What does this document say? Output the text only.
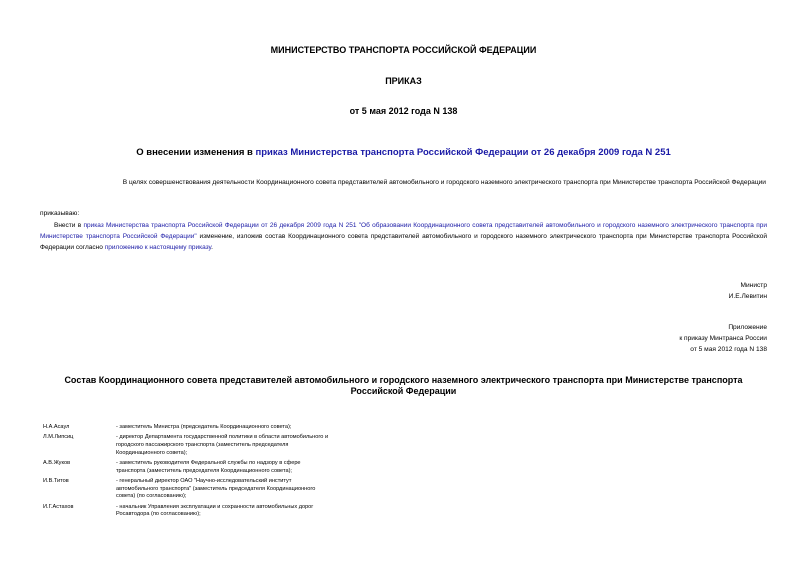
МИНИСТЕРСТВО ТРАНСПОРТА РОССИЙСКОЙ ФЕДЕРАЦИИ
ПРИКАЗ
от 5 мая 2012 года N 138
О внесении изменения в приказ Министерства транспорта Российской Федерации от 26 декабря 2009 года N 251
В целях совершенствования деятельности Координационного совета представителей автомобильного и городского наземного электрического транспорта при Министерстве транспорта Российской Федерации
приказываю:
Внести в приказ Министерства транспорта Российской Федерации от 26 декабря 2009 года N 251 "Об образовании Координационного совета представителей автомобильного и городского наземного электрического транспорта при Министерстве транспорта Российской Федерации" изменение, изложив состав Координационного совета представителей автомобильного и городского наземного электрического транспорта при Министерстве транспорта Российской Федерации согласно приложению к настоящему приказу.
Министр
И.Е.Левитин
Приложение
к приказу Минтранса России
от 5 мая 2012 года N 138
Состав Координационного совета представителей автомобильного и городского наземного электрического транспорта при Министерстве транспорта Российской Федерации
Н.А.Асаул	- заместитель Министра (председатель Координационного совета);
Л.М.Липсиц	- директор Департамента государственной политики в области автомобильного и городского пассажирского транспорта (заместитель председателя Координационного совета);
А.В.Жуков	- заместитель руководителя Федеральной службы по надзору в сфере транспорта (заместитель председателя Координационного совета);
И.В.Титов	- генеральный директор ОАО "Научно-исследовательский институт автомобильного транспорта" (заместитель председателя Координационного совета) (по согласованию);
И.Г.Астахов	- начальник Управления эксплуатации и сохранности автомобильных дорог Росавтодора (по согласованию);
